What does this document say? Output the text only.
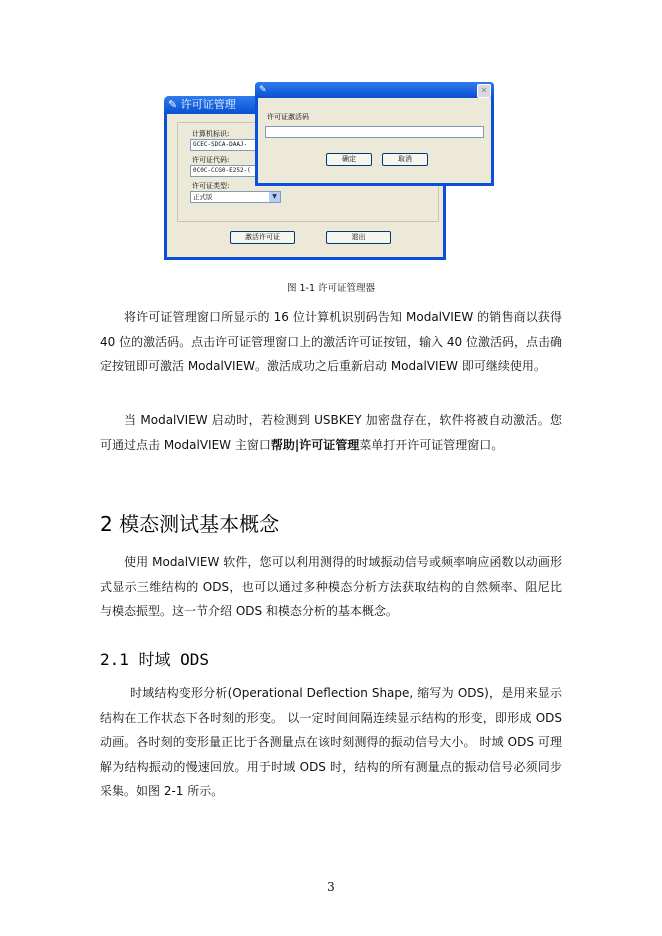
✎ 许可证管理
计算机标识:
GCEC-SDCA-DAAJ-
许可证代码:
0C0C-CCG0-E252-(
许可证类型:
正式版	▼
激活许可证	退出
✎	✕
许可证激活码
确定	取消
图 1-1 许可证管理器
将许可证管理窗口所显示的 16 位计算机识别码告知 ModalVIEW 的销售商以获得 40 位的激活码。点击许可证管理窗口上的激活许可证按钮，输入 40 位激活码，点击确定按钮即可激活 ModalVIEW。激活成功之后重新启动 ModalVIEW 即可继续使用。
当 ModalVIEW 启动时，若检测到 USBKEY 加密盘存在，软件将被自动激活。您可通过点击 ModalVIEW 主窗口帮助|许可证管理菜单打开许可证管理窗口。
2 模态测试基本概念
使用 ModalVIEW 软件，您可以利用测得的时域振动信号或频率响应函数以动画形式显示三维结构的 ODS，也可以通过多种模态分析方法获取结构的自然频率、阻尼比与模态振型。这一节介绍 ODS 和模态分析的基本概念。
2.1 时域 ODS
时域结构变形分析(Operational Deflection Shape, 缩写为 ODS)，是用来显示结构在工作状态下各时刻的形变。 以一定时间间隔连续显示结构的形变，即形成 ODS 动画。各时刻的变形量正比于各测量点在该时刻测得的振动信号大小。 时域 ODS 可理解为结构振动的慢速回放。用于时域 ODS 时，结构的所有测量点的振动信号必须同步采集。如图 2-1 所示。
3
